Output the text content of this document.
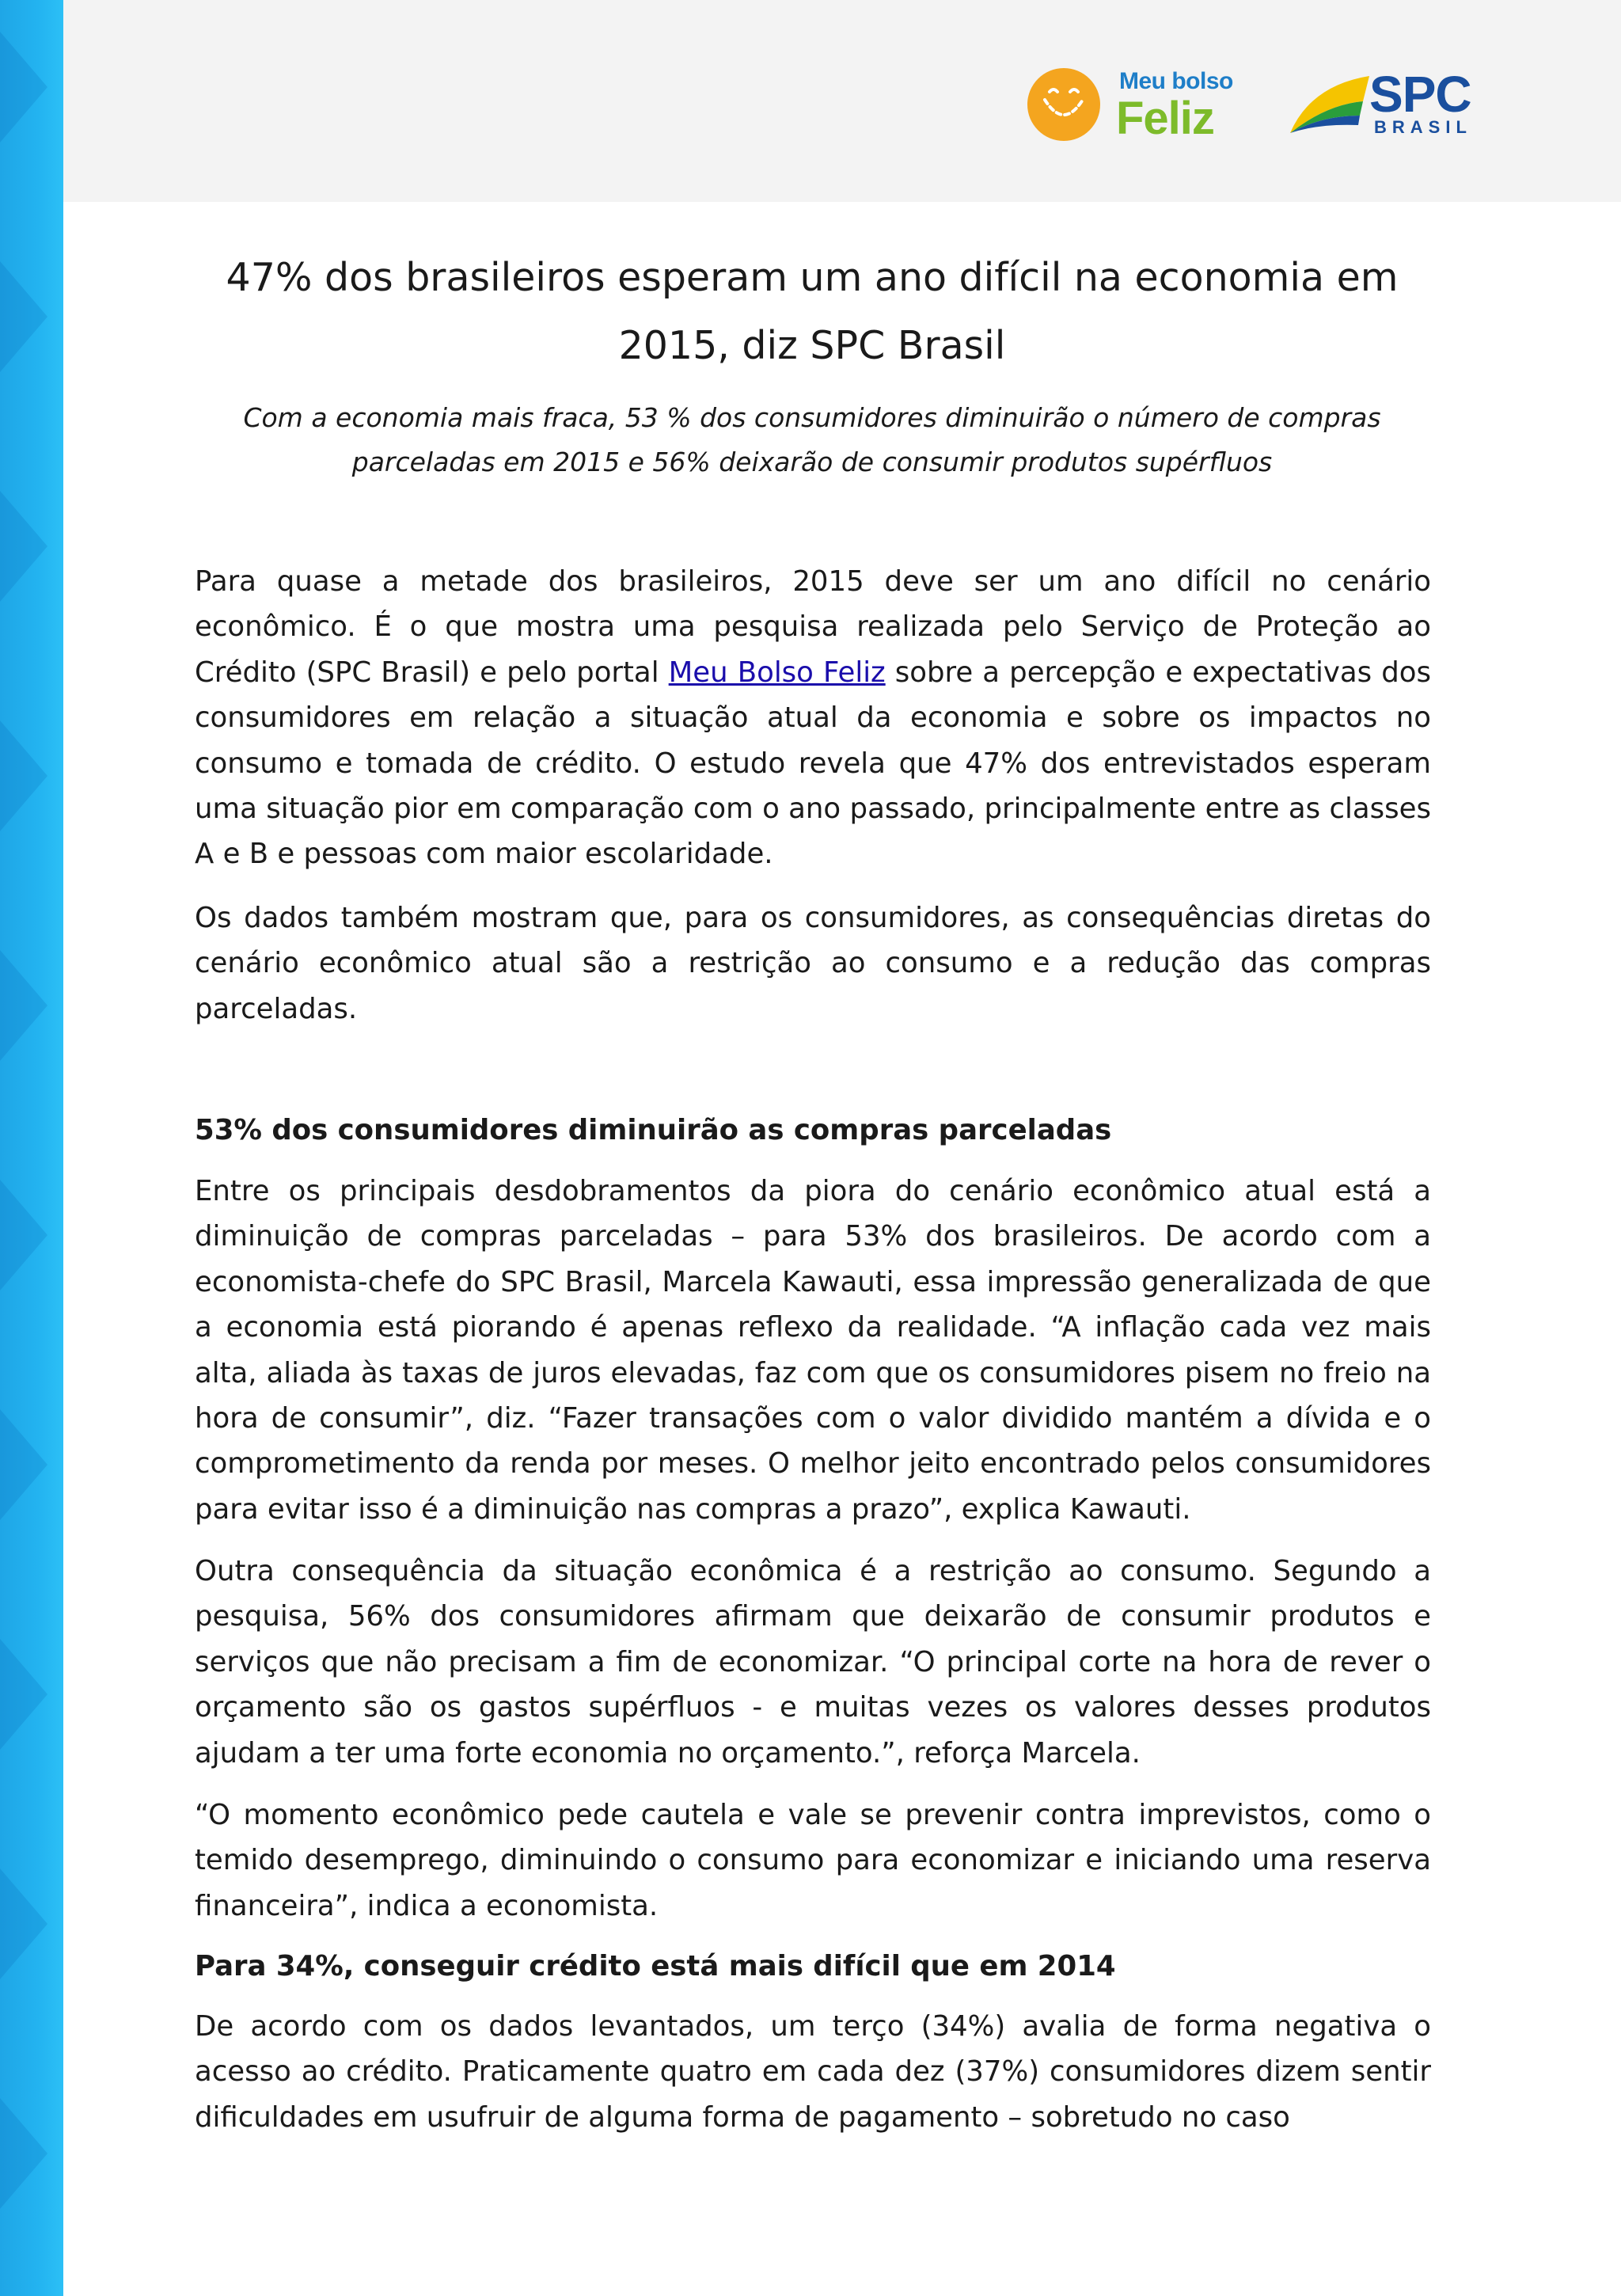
Meu bolso
Feliz	SPC
BRASIL
47% dos brasileiros esperam um ano difícil na economia em 2015, diz SPC Brasil

Com a economia mais fraca, 53 % dos consumidores diminuirão o número de compras parceladas em 2015 e 56% deixarão de consumir produtos supérfluos

Para quase a metade dos brasileiros, 2015 deve ser um ano difícil no cenário econômico. É o que mostra uma pesquisa realizada pelo Serviço de Proteção ao Crédito (SPC Brasil) e pelo portal Meu Bolso Feliz sobre a percepção e expectativas dos consumidores em relação a situação atual da economia e sobre os impactos no consumo e tomada de crédito. O estudo revela que 47% dos entrevistados esperam uma situação pior em comparação com o ano passado, principalmente entre as classes A e B e pessoas com maior escolaridade.

Os dados também mostram que, para os consumidores, as consequências diretas do cenário econômico atual são a restrição ao consumo e a redução das compras parceladas.

53% dos consumidores diminuirão as compras parceladas

Entre os principais desdobramentos da piora do cenário econômico atual está a diminuição de compras parceladas – para 53% dos brasileiros. De acordo com a economista-chefe do SPC Brasil, Marcela Kawauti, essa impressão generalizada de que a economia está piorando é apenas reflexo da realidade. “A inflação cada vez mais alta, aliada às taxas de juros elevadas, faz com que os consumidores pisem no freio na hora de consumir”, diz. “Fazer transações com o valor dividido mantém a dívida e o comprometimento da renda por meses. O melhor jeito encontrado pelos consumidores para evitar isso é a diminuição nas compras a prazo”, explica Kawauti.

Outra consequência da situação econômica é a restrição ao consumo. Segundo a pesquisa, 56% dos consumidores afirmam que deixarão de consumir produtos e serviços que não precisam a fim de economizar. “O principal corte na hora de rever o orçamento são os gastos supérfluos - e muitas vezes os valores desses produtos ajudam a ter uma forte economia no orçamento.”, reforça Marcela.

“O momento econômico pede cautela e vale se prevenir contra imprevistos, como o temido desemprego, diminuindo o consumo para economizar e iniciando uma reserva financeira”, indica a economista.

Para 34%, conseguir crédito está mais difícil que em 2014

De acordo com os dados levantados, um terço (34%) avalia de forma negativa o acesso ao crédito. Praticamente quatro em cada dez (37%) consumidores dizem sentir dificuldades em usufruir de alguma forma de pagamento – sobretudo no caso
